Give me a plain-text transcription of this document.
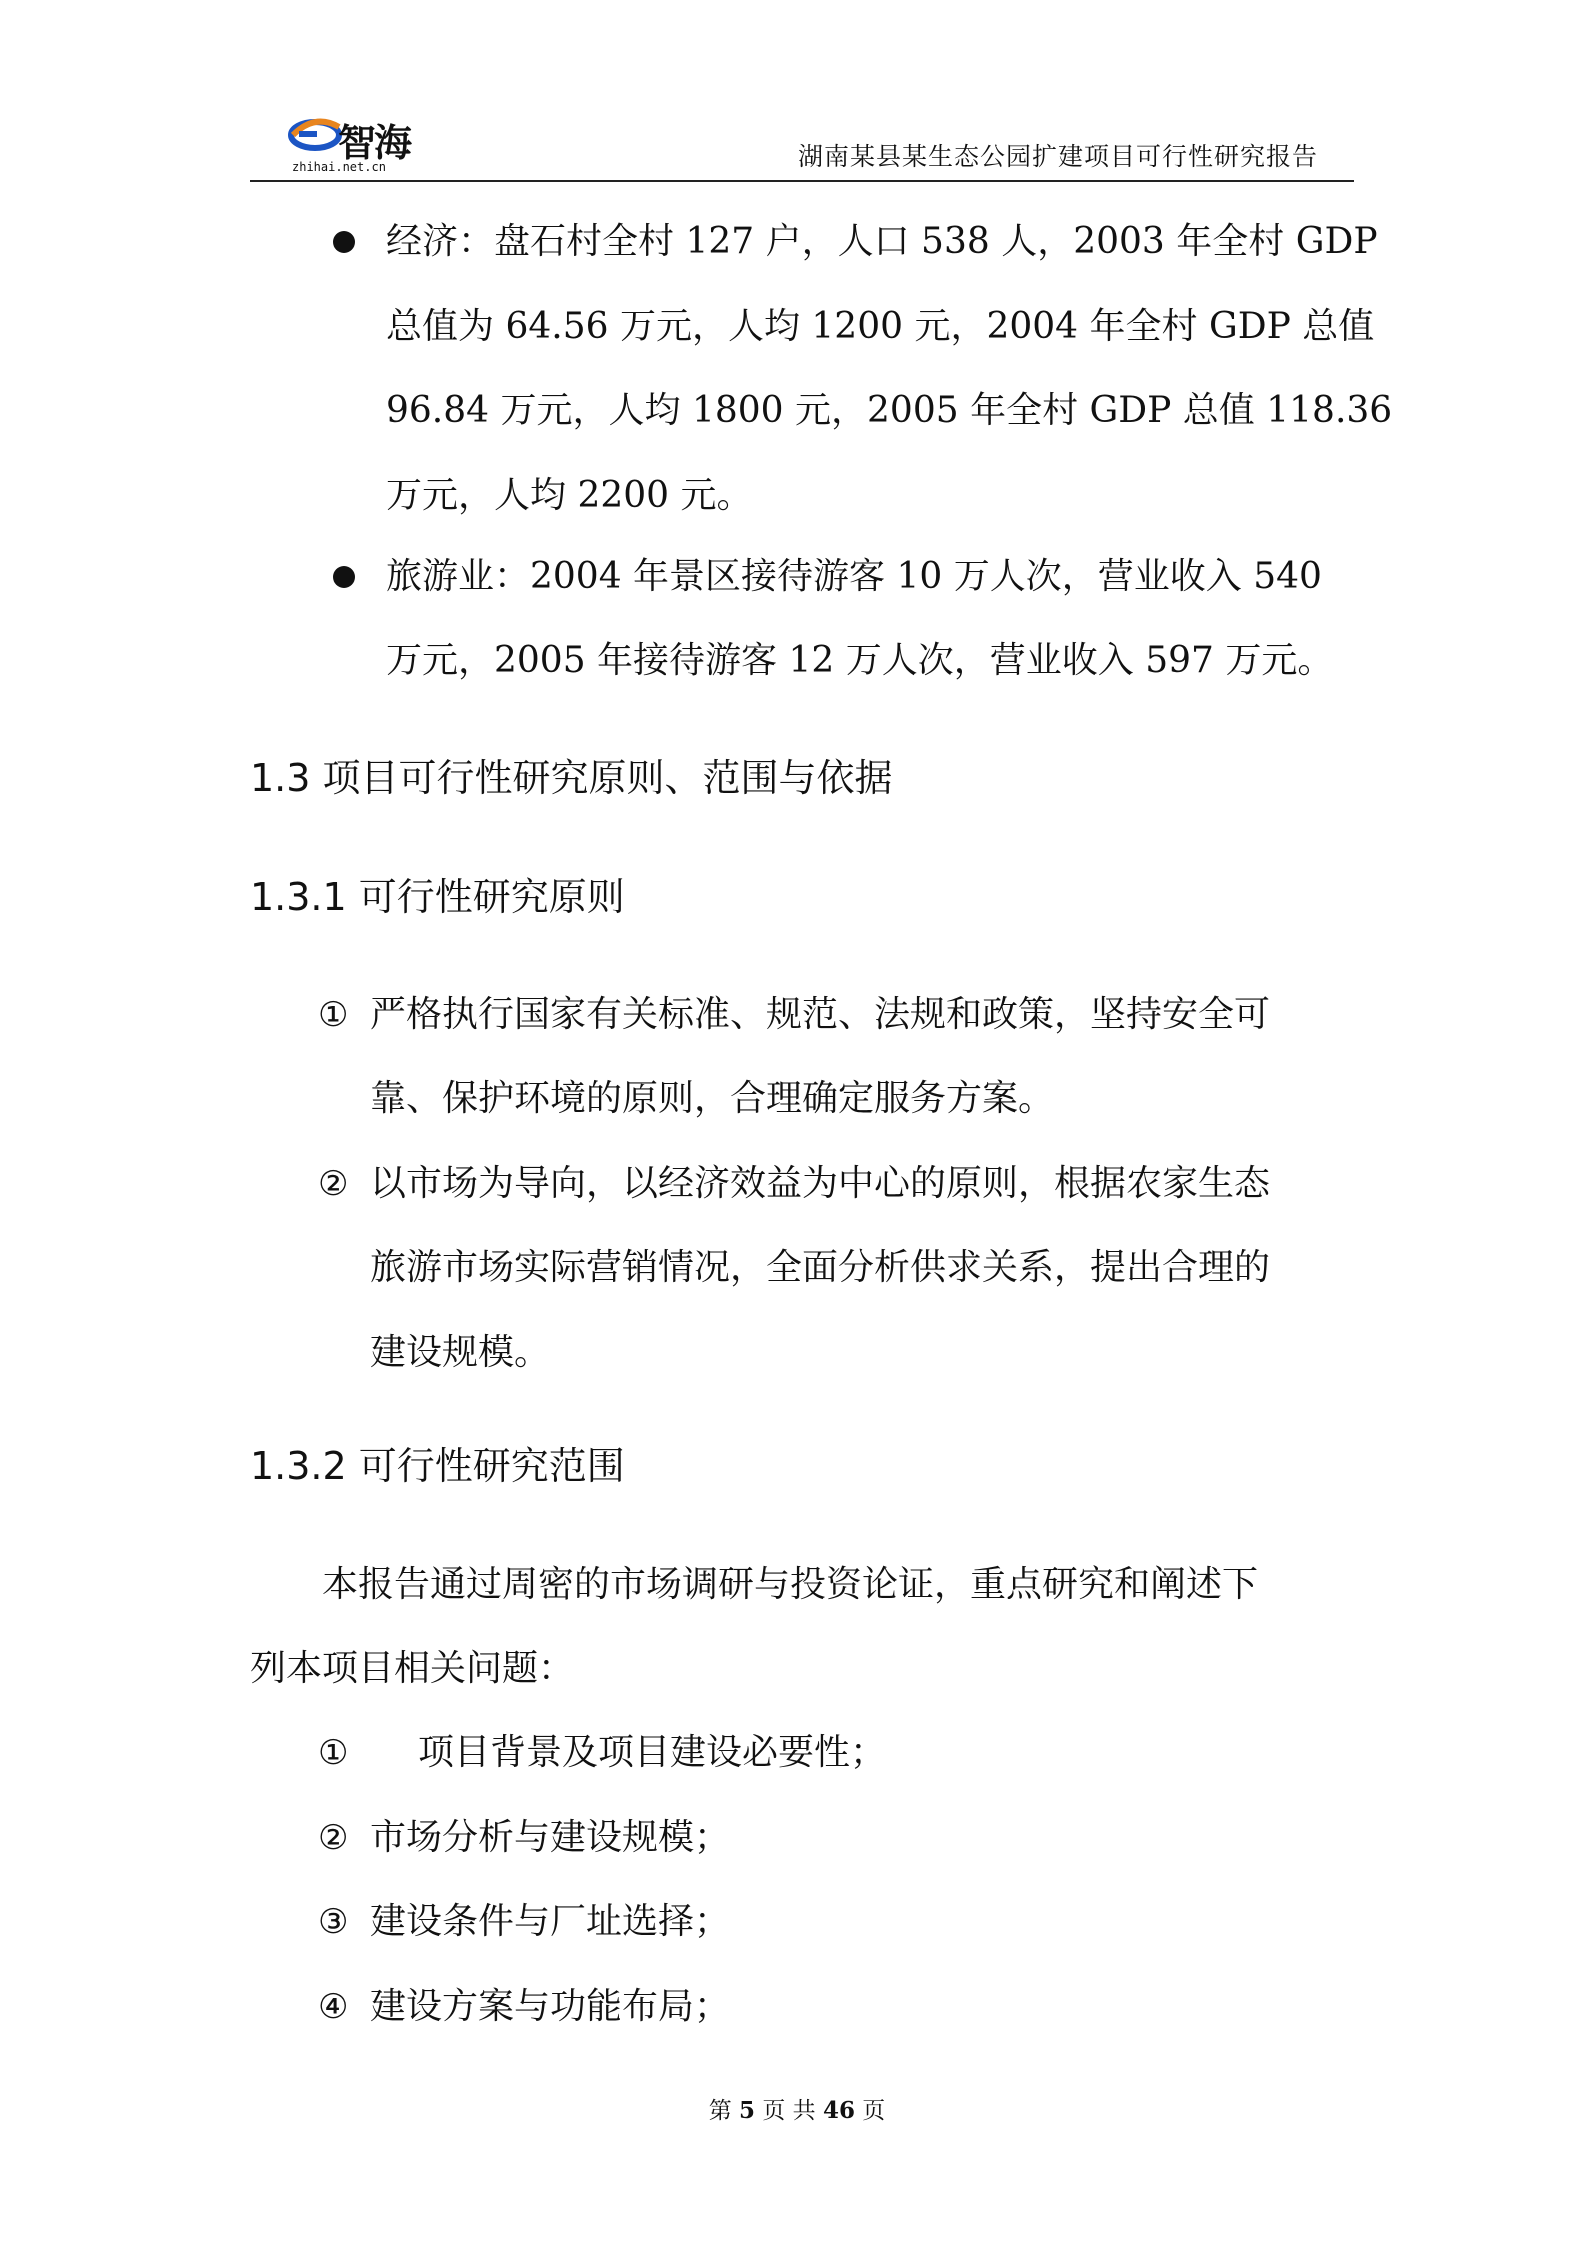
智海
zhihai.net.cn	湖南某县某生态公园扩建项目可行性研究报告

经济：盘石村全村 127 户，人口 538 人，2003 年全村 GDP

总值为 64.56 万元，人均 1200 元，2004 年全村 GDP 总值

96.84 万元，人均 1800 元，2005 年全村 GDP 总值 118.36

万元，人均 2200 元。

旅游业：2004 年景区接待游客 10 万人次，营业收入 540

万元，2005 年接待游客 12 万人次，营业收入 597 万元。

1.3 项目可行性研究原则、范围与依据

1.3.1 可行性研究原则

① 严格执行国家有关标准、规范、法规和政策，坚持安全可

靠、保护环境的原则，合理确定服务方案。

② 以市场为导向，以经济效益为中心的原则，根据农家生态

旅游市场实际营销情况，全面分析供求关系，提出合理的

建设规模。

1.3.2 可行性研究范围

本报告通过周密的市场调研与投资论证，重点研究和阐述下

列本项目相关问题：

① 项目背景及项目建设必要性；

② 市场分析与建设规模；

③ 建设条件与厂址选择；

④ 建设方案与功能布局；

第 5 页 共 46 页
